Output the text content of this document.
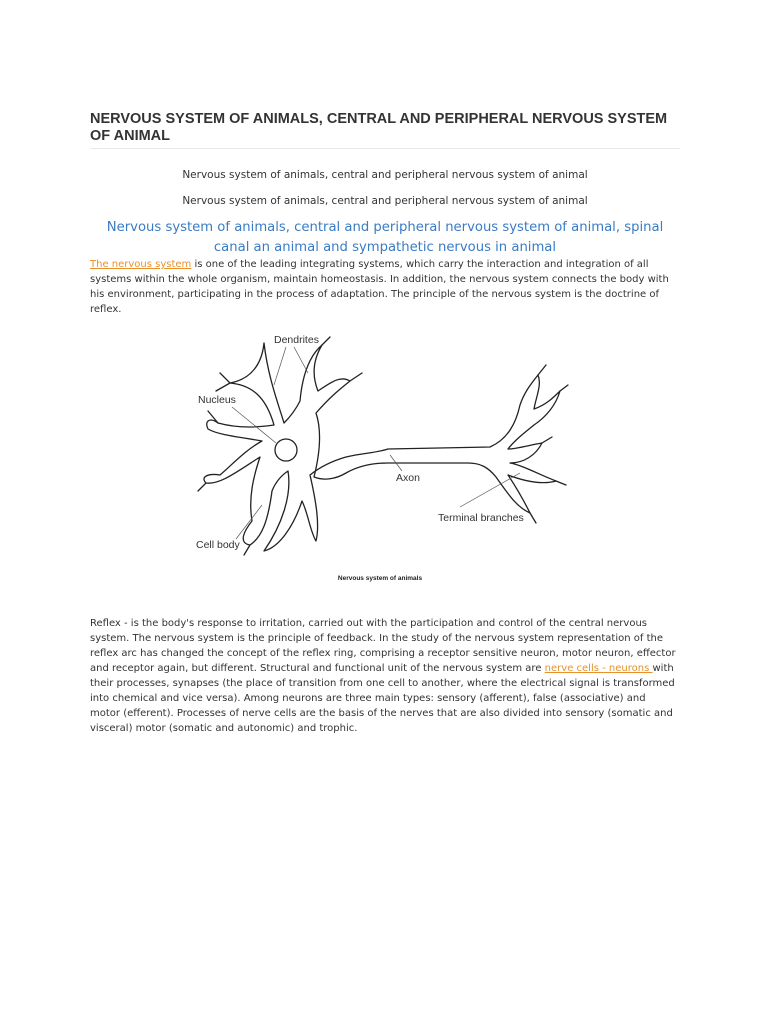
NERVOUS SYSTEM OF ANIMALS, CENTRAL AND PERIPHERAL NERVOUS SYSTEM OF ANIMAL

Nervous system of animals, central and peripheral nervous system of animal

Nervous system of animals, central and peripheral nervous system of animal

Nervous system of animals, central and peripheral nervous system of animal, spinal canal an animal and sympathetic nervous in animal

The nervous system is one of the leading integrating systems, which carry the interaction and integration of all systems within the whole organism, maintain homeostasis. In addition, the nervous system connects the body with his environment, participating in the process of adaptation. The principle of the nervous system is the doctrine of reflex.

Dendrites
Nucleus
Axon
Terminal branches
Cell body

Nervous system of animals

Reflex - is the body's response to irritation, carried out with the participation and control of the central nervous system. The nervous system is the principle of feedback. In the study of the nervous system representation of the reflex arc has changed the concept of the reflex ring, comprising a receptor sensitive neuron, motor neuron, effector and receptor again, but different. Structural and functional unit of the nervous system are nerve cells - neurons with their processes, synapses (the place of transition from one cell to another, where the electrical signal is transformed into chemical and vice versa). Among neurons are three main types: sensory (afferent), false (associative) and motor (efferent). Processes of nerve cells are the basis of the nerves that are also divided into sensory (somatic and visceral) motor (somatic and autonomic) and trophic.
